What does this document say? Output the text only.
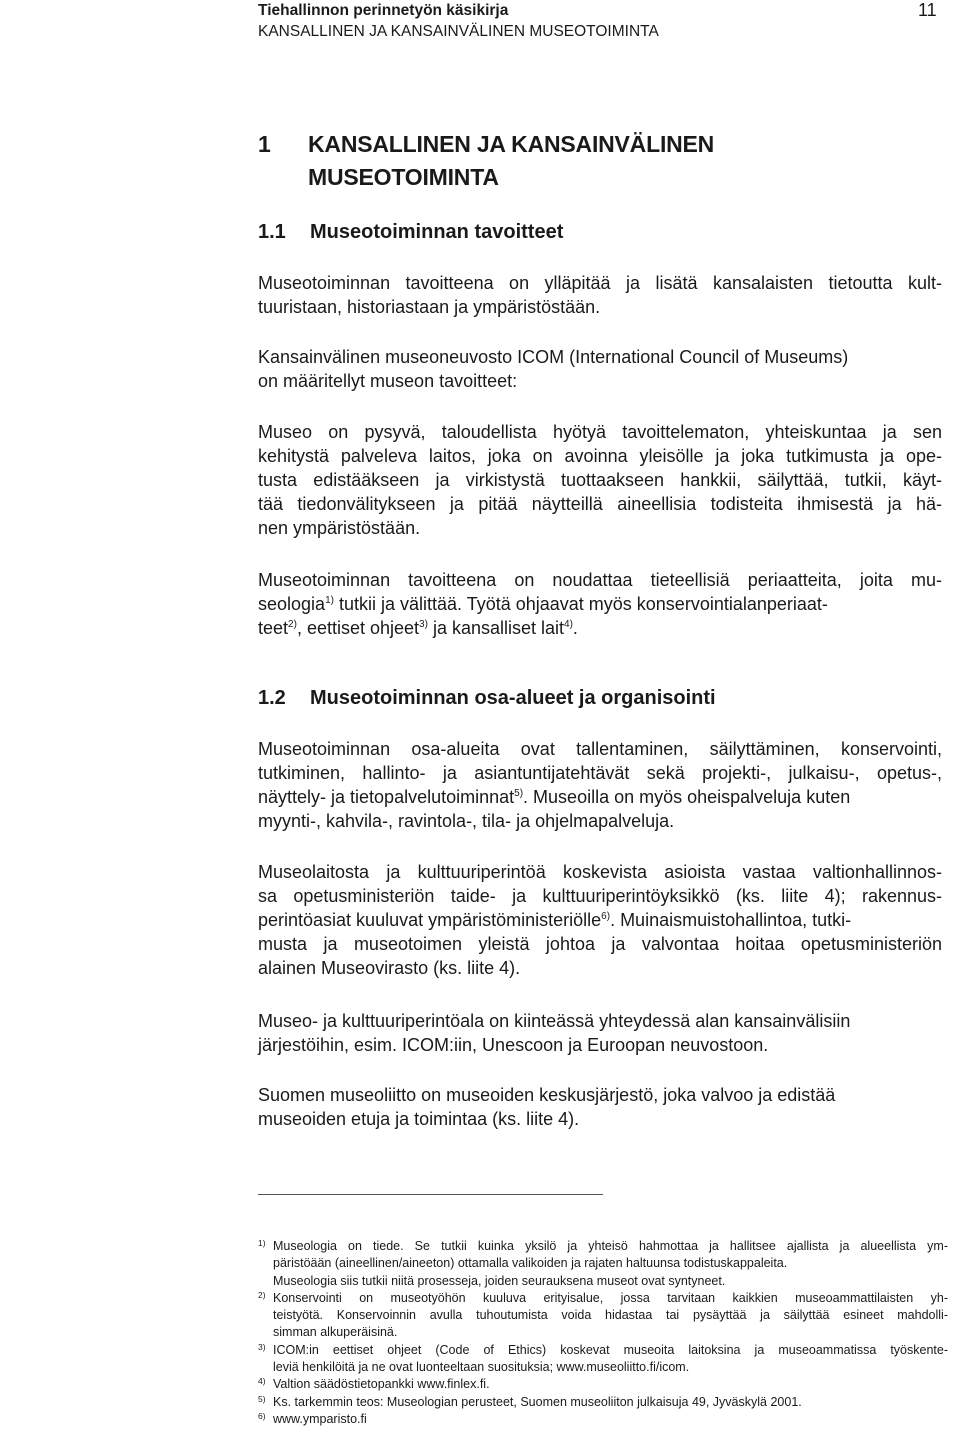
Tiehallinnon perinnetyön käsikirja
KANSALLINEN JA KANSAINVÄLINEN MUSEOTOIMINTA
11
1 KANSALLINEN JA KANSAINVÄLINEN
MUSEOTOIMINTA
1.1 Museotoiminnan tavoitteet
Museotoiminnan tavoitteena on ylläpitää ja lisätä kansalaisten tietoutta kult-
tuuristaan, historiastaan ja ympäristöstään.
Kansainvälinen museoneuvosto ICOM (International Council of Museums)
on määritellyt museon tavoitteet:
Museo on pysyvä, taloudellista hyötyä tavoittelematon, yhteiskuntaa ja sen
kehitystä palveleva laitos, joka on avoinna yleisölle ja joka tutkimusta ja ope-
tusta edistääkseen ja virkistystä tuottaakseen hankkii, säilyttää, tutkii, käyt-
tää tiedonvälitykseen ja pitää näytteillä aineellisia todisteita ihmisestä ja hä-
nen ympäristöstään.
Museotoiminnan tavoitteena on noudattaa tieteellisiä periaatteita, joita mu-
seologia$^{1)}$ tutkii ja välittää. Työtä ohjaavat myös konservointialanperiaat-
teet$^{2)}$, eettiset ohjeet$^{3)}$ ja kansalliset lait$^{4)}$.
1.2 Museotoiminnan osa-alueet ja organisointi
Museotoiminnan osa-alueita ovat tallentaminen, säilyttäminen, konservointi,
tutkiminen, hallinto- ja asiantuntijatehtävät sekä projekti-, julkaisu-, opetus-,
näyttely- ja tietopalvelutoiminnat$^{5)}$. Museoilla on myös oheispalveluja kuten
myynti-, kahvila-, ravintola-, tila- ja ohjelmapalveluja.
Museolaitosta ja kulttuuriperintöä koskevista asioista vastaa valtionhallinnos-
sa opetusministeriön taide- ja kulttuuriperintöyksikkö (ks. liite 4); rakennus-
perintöasiat kuuluvat ympäristöministeriölle$^{6)}$. Muinaismuistohallintoa, tutki-
musta ja museotoimen yleistä johtoa ja valvontaa hoitaa opetusministeriön
alainen Museovirasto (ks. liite 4).
Museo- ja kulttuuriperintöala on kiinteässä yhteydessä alan kansainvälisiin
järjestöihin, esim. ICOM:iin, Unescoon ja Euroopan neuvostoon.
Suomen museoliitto on museoiden keskusjärjestö, joka valvoo ja edistää
museoiden etuja ja toimintaa (ks. liite 4).
1) Museologia on tiede. Se tutkii kuinka yksilö ja yhteisö hahmottaa ja hallitsee ajallista ja alueellista ym-
päristöään (aineellinen/aineeton) ottamalla valikoiden ja rajaten haltuunsa todistuskappaleita.
Museologia siis tutkii niitä prosesseja, joiden seurauksena museot ovat syntyneet.
2) Konservointi on museotyöhön kuuluva erityisalue, jossa tarvitaan kaikkien museoammattilaisten yh-
teistyötä. Konservoinnin avulla tuhoutumista voida hidastaa tai pysäyttää ja säilyttää esineet mahdolli-
simman alkuperäisinä.
3) ICOM:in eettiset ohjeet (Code of Ethics) koskevat museoita laitoksina ja museoammatissa työskente-
leviä henkilöitä ja ne ovat luonteeltaan suosituksia; www.museoliitto.fi/icom.
4) Valtion säädöstietopankki www.finlex.fi.
5) Ks. tarkemmin teos: Museologian perusteet, Suomen museoliiton julkaisuja 49, Jyväskylä 2001.
6) www.ymparisto.fi
